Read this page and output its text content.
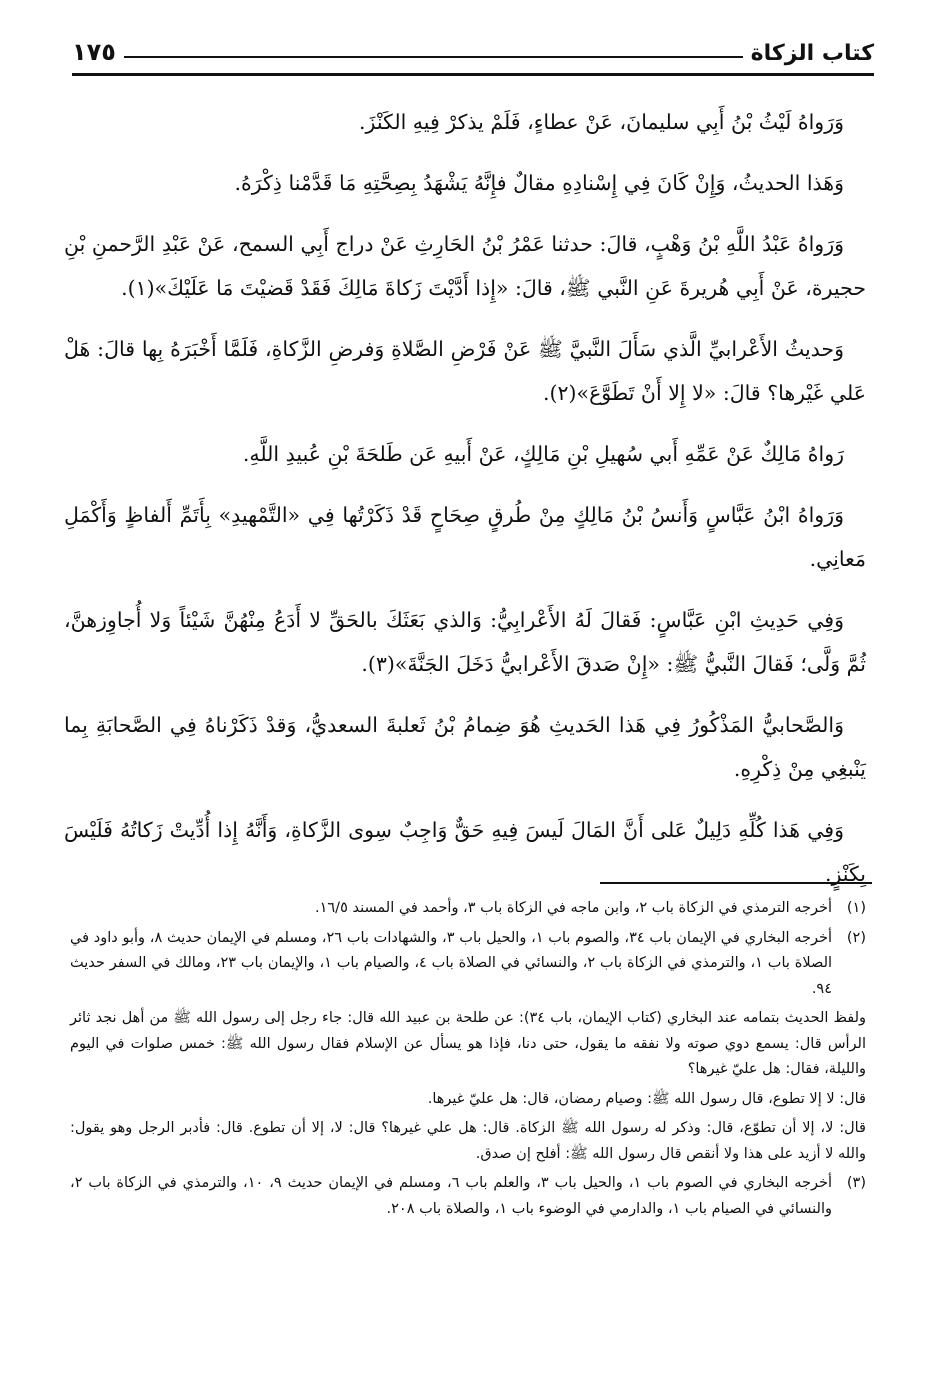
كتاب الزكاة
١٧٥

وَرَواهُ لَيْثُ بْنُ أَبِي سليمانَ، عَنْ عطاءٍ، فَلَمْ يذكرْ فِيهِ الكَنْزَ.

وَهَذا الحديثُ، وَإِنْ كَانَ فِي إِسْنادِهِ مقالٌ فإِنَّهُ يَشْهَدُ بِصِحَّتِهِ مَا قَدَّمْنا ذِكْرَهُ.

وَرَواهُ عَبْدُ اللَّهِ بْنُ وَهْبٍ، قالَ: حدثنا عَمْرُ بْنُ الحَارِثِ عَنْ دراج أَبِي السمح، عَنْ عَبْدِ الرَّحمنِ بْنِ حجيرة، عَنْ أَبِي هُريرةَ عَنِ النَّبي ﷺ، قالَ: «إِذا أَدَّيْتَ زَكاةَ مَالِكَ فَقَدْ قَضيْتَ مَا عَلَيْكَ»(١).

وَحديثُ الأَعْرابيِّ الَّذي سَأَلَ النَّبيَّ ﷺ عَنْ فَرْضِ الصَّلاةِ وَفرضِ الزَّكاةِ، فَلَمَّا أَخْبَرَهُ بِها قالَ: هَلْ عَلي غَيْرها؟ قالَ: «لا إِلا أَنْ تَطَوَّعَ»(٢).

رَواهُ مَالِكٌ عَنْ عَمِّهِ أَبي سُهيلِ بْنِ مَالِكٍ، عَنْ أَبيهِ عَن طَلحَةَ بْنِ عُبيدِ اللَّهِ.

وَرَواهُ ابْنُ عَبَّاسٍ وَأَنسُ بْنُ مَالِكٍ مِنْ طُرقٍ صِحَاحٍ قَدْ ذَكَرْتُها فِي «التَّمْهيدِ» بِأَتَمِّ أَلفاظٍ وَأَكْمَلِ مَعانِي.

وَفِي حَدِيثِ ابْنِ عَبَّاسٍ: فَقالَ لَهُ الأَعْرابِيُّ: وَالذي بَعَثَكَ بالحَقِّ لا أَدَعُ مِنْهُنَّ شَيْئاً وَلا أُجاوِزهنَّ، ثُمَّ وَلَّى؛ فَقالَ النَّبيُّ ﷺ: «إِنْ صَدقَ الأَعْرابيُّ دَخَلَ الجَنَّةَ»(٣).

وَالصَّحابيُّ المَذْكُورُ فِي هَذا الحَديثِ هُوَ ضِمامُ بْنُ ثَعلبةَ السعديُّ، وَقدْ ذَكَرْناهُ فِي الصَّحابَةِ بِما يَنْبغِي مِنْ ذِكْرِهِ.

وَفِي هَذا كُلِّهِ دَلِيلٌ عَلى أَنَّ المَالَ لَيسَ فِيهِ حَقٌّ وَاجِبٌ سِوى الزَّكاةِ، وَأَنَّهُ إِذا أُدِّيتْ زَكاتُهُ فَلَيْسَ بِكَنْزٍ.

(١)أخرجه الترمذي في الزكاة باب ٢، وابن ماجه في الزكاة باب ٣، وأحمد في المسند ١٦/٥.

(٢)أخرجه البخاري في الإيمان باب ٣٤، والصوم باب ١، والحيل باب ٣، والشهادات باب ٢٦، ومسلم في الإيمان حديث ٨، وأبو داود في الصلاة باب ١، والترمذي في الزكاة باب ٢، والنسائي في الصلاة باب ٤، والصيام باب ١، والإيمان باب ٢٣، ومالك في السفر حديث ٩٤.

ولفظ الحديث بتمامه عند البخاري (كتاب الإيمان، باب ٣٤): عن طلحة بن عبيد الله قال: جاء رجل إلى رسول الله ﷺ من أهل نجد ثائر الرأس قال: يسمع دوي صوته ولا نفقه ما يقول، حتى دنا، فإذا هو يسأل عن الإسلام فقال رسول الله ﷺ: خمس صلوات في اليوم والليلة، فقال: هل عليّ غيرها؟

قال: لا إلا تطوع، قال رسول الله ﷺ: وصيام رمضان، قال: هل عليّ غيرها.

قال: لا، إلا أن تطوّع، قال: وذكر له رسول الله ﷺ الزكاة. قال: هل علي غيرها؟ قال: لا، إلا أن تطوع. قال: فأدبر الرجل وهو يقول: والله لا أزيد على هذا ولا أنقص قال رسول الله ﷺ: أفلح إن صدق.

(٣)أخرجه البخاري في الصوم باب ١، والحيل باب ٣، والعلم باب ٦، ومسلم في الإيمان حديث ٩، ١٠، والترمذي في الزكاة باب ٢، والنسائي في الصيام باب ١، والدارمي في الوضوء باب ١، والصلاة باب ٢٠٨.
